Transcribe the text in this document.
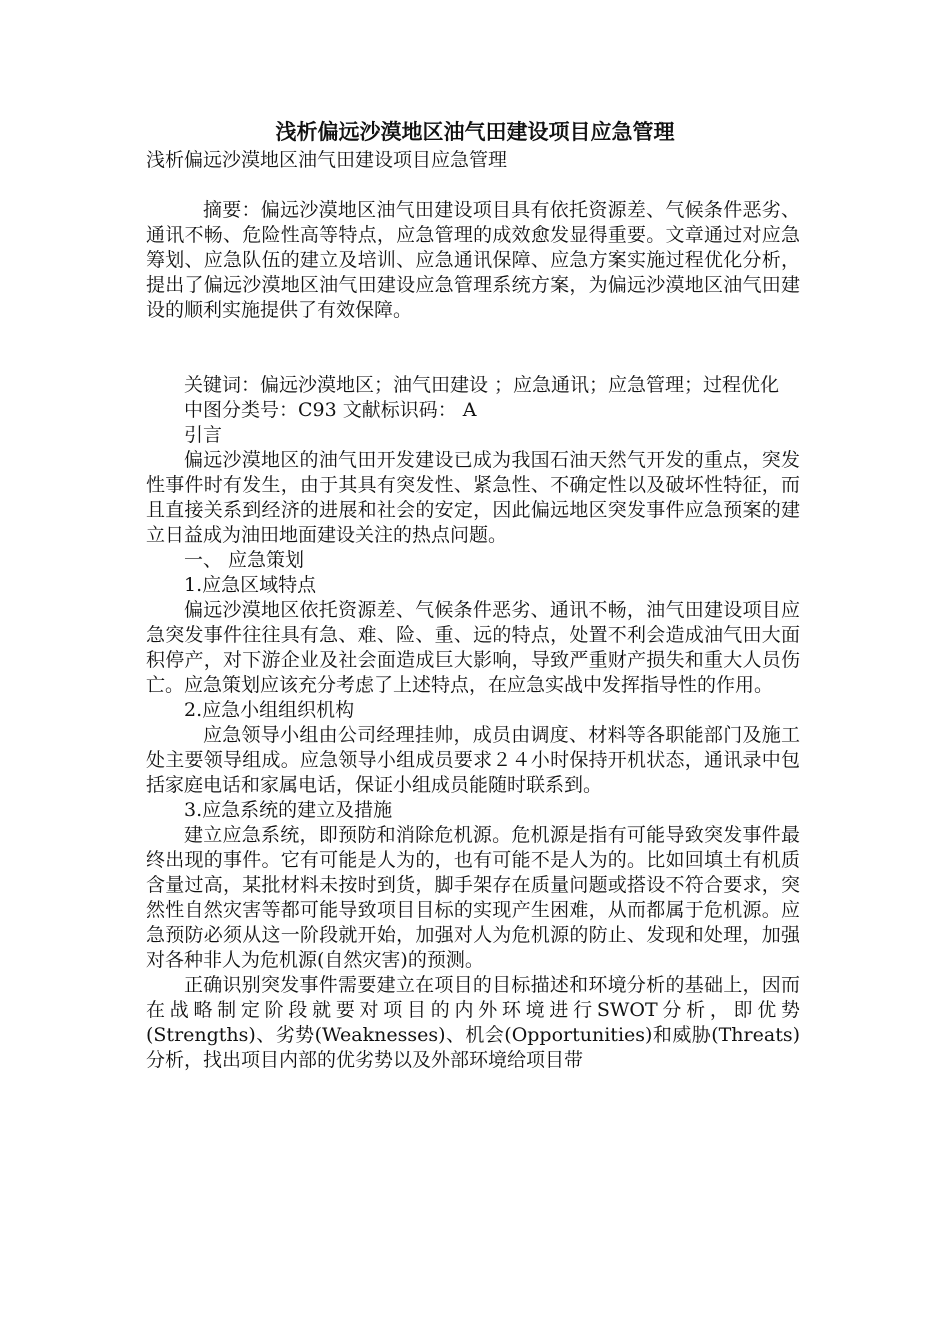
浅析偏远沙漠地区油气田建设项目应急管理

浅析偏远沙漠地区油气田建设项目应急管理

摘要：偏远沙漠地区油气田建设项目具有依托资源差、气候条件恶劣、通讯不畅、危险性高等特点，应急管理的成效愈发显得重要。文章通过对应急筹划、应急队伍的建立及培训、应急通讯保障、应急方案实施过程优化分析，提出了偏远沙漠地区油气田建设应急管理系统方案，为偏远沙漠地区油气田建设的顺利实施提供了有效保障。

关键词：偏远沙漠地区；油气田建设 ；应急通讯；应急管理；过程优化

中图分类号：C93 文献标识码： A

引言

偏远沙漠地区的油气田开发建设已成为我国石油天然气开发的重点，突发性事件时有发生，由于其具有突发性、紧急性、不确定性以及破坏性特征，而且直接关系到经济的进展和社会的安定，因此偏远地区突发事件应急预案的建立日益成为油田地面建设关注的热点问题。

一、 应急策划

1.应急区域特点

偏远沙漠地区依托资源差、气候条件恶劣、通讯不畅，油气田建设项目应急突发事件往往具有急、难、险、重、远的特点，处置不利会造成油气田大面积停产，对下游企业及社会面造成巨大影响，导致严重财产损失和重大人员伤亡。应急策划应该充分考虑了上述特点，在应急实战中发挥指导性的作用。

2.应急小组组织机构

应急领导小组由公司经理挂帅，成员由调度、材料等各职能部门及施工处主要领导组成。应急领导小组成员要求２４小时保持开机状态，通讯录中包括家庭电话和家属电话，保证小组成员能随时联系到。

3.应急系统的建立及措施

建立应急系统，即预防和消除危机源。危机源是指有可能导致突发事件最终出现的事件。它有可能是人为的，也有可能不是人为的。比如回填土有机质含量过高，某批材料未按时到货，脚手架存在质量问题或搭设不符合要求，突然性自然灾害等都可能导致项目目标的实现产生困难，从而都属于危机源。应急预防必须从这一阶段就开始，加强对人为危机源的防止、发现和处理，加强对各种非人为危机源(自然灾害)的预测。

正确识别突发事件需要建立在项目的目标描述和环境分析的基础上，因而在战略制定阶段就要对项目的内外环境进行SWOT分析，即优势(Strengths)、劣势(Weaknesses)、机会(Opportunities)和威胁(Threats)分析，找出项目内部的优劣势以及外部环境给项目带
